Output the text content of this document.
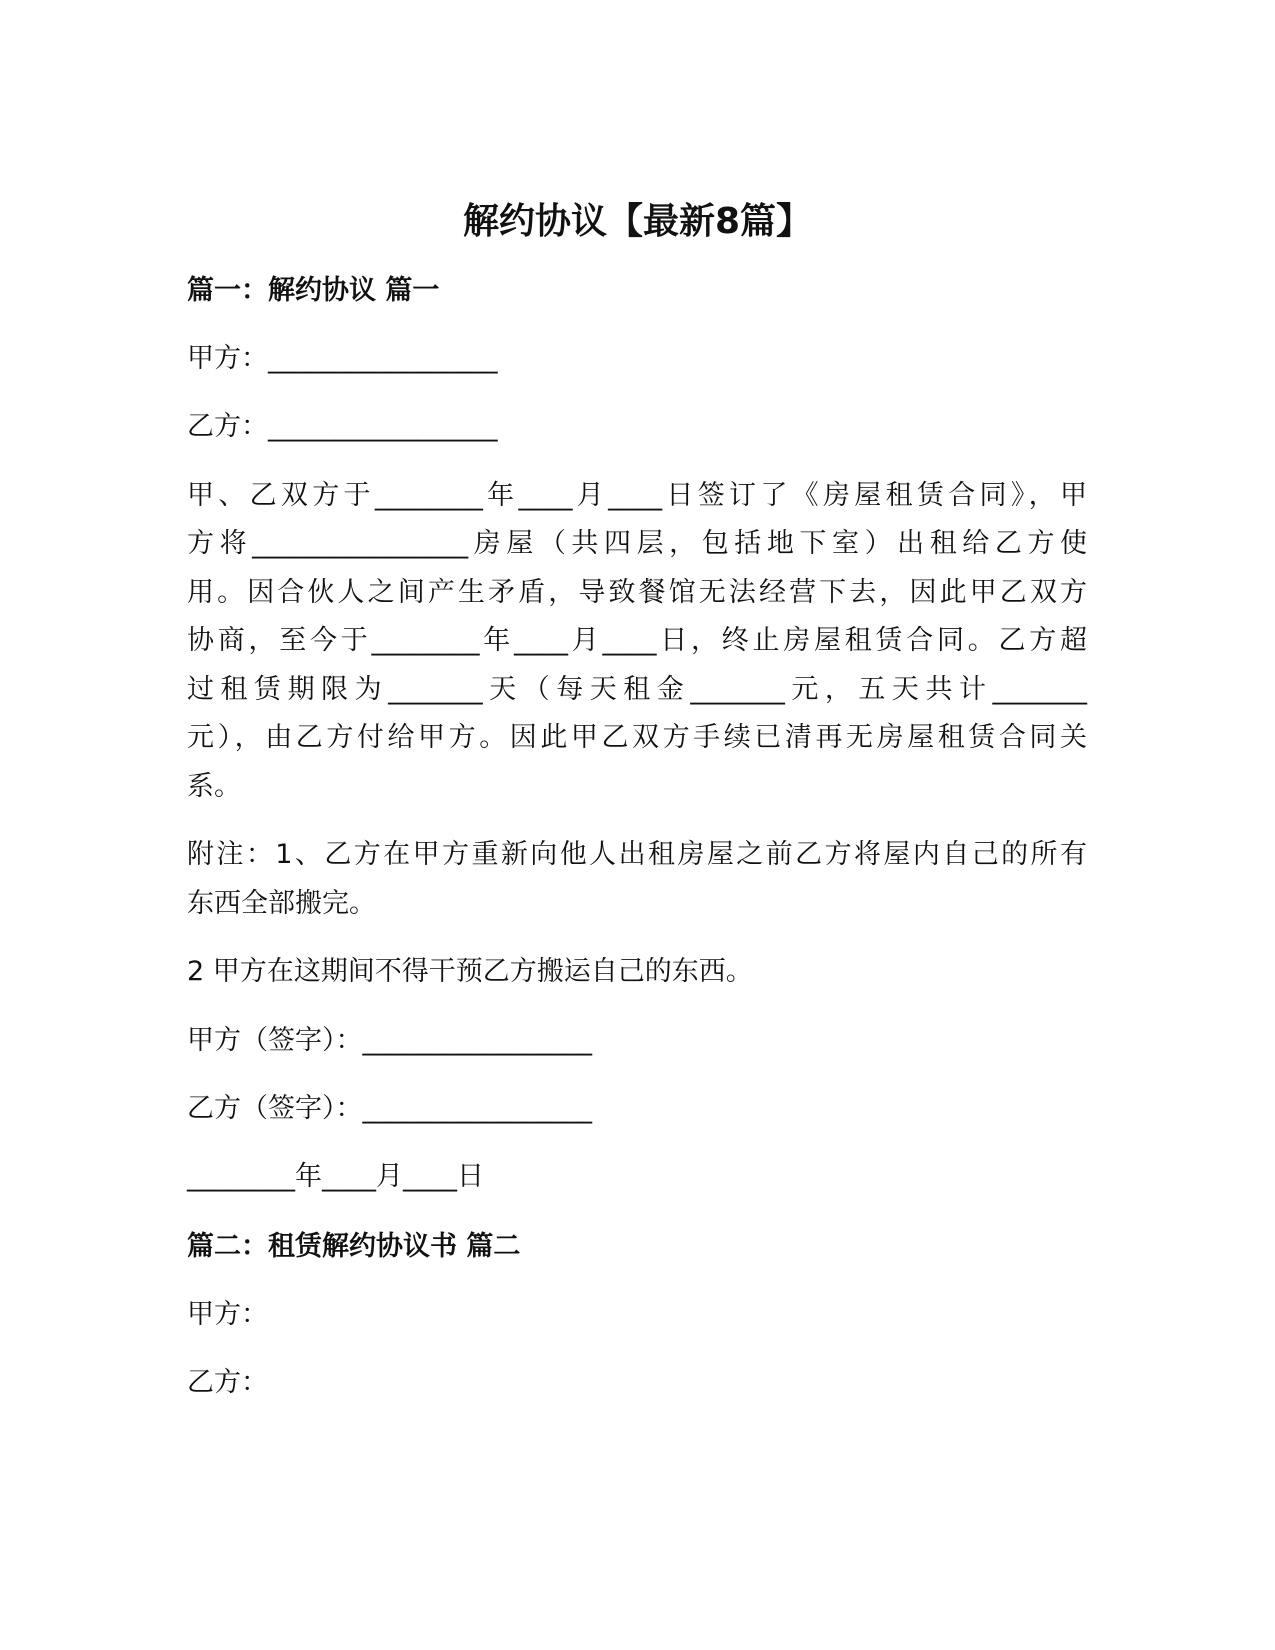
解约协议【最新8篇】

篇一：解约协议 篇一

甲方：_________________

乙方：_________________

甲、乙双方于________年____月____日签订了《房屋租赁合同》，甲

方将________________房屋（共四层，包括地下室）出租给乙方使

用。因合伙人之间产生矛盾，导致餐馆无法经营下去，因此甲乙双方

协商，至今于________年____月____日，终止房屋租赁合同。乙方超

过租赁期限为_______天（每天租金_______元，五天共计_______

元），由乙方付给甲方。因此甲乙双方手续已清再无房屋租赁合同关

系。

附注：1、乙方在甲方重新向他人出租房屋之前乙方将屋内自己的所有

东西全部搬完。

2 甲方在这期间不得干预乙方搬运自己的东西。

甲方（签字）：_________________

乙方（签字）：_________________

________年____月____日

篇二：租赁解约协议书 篇二

甲方：

乙方：
